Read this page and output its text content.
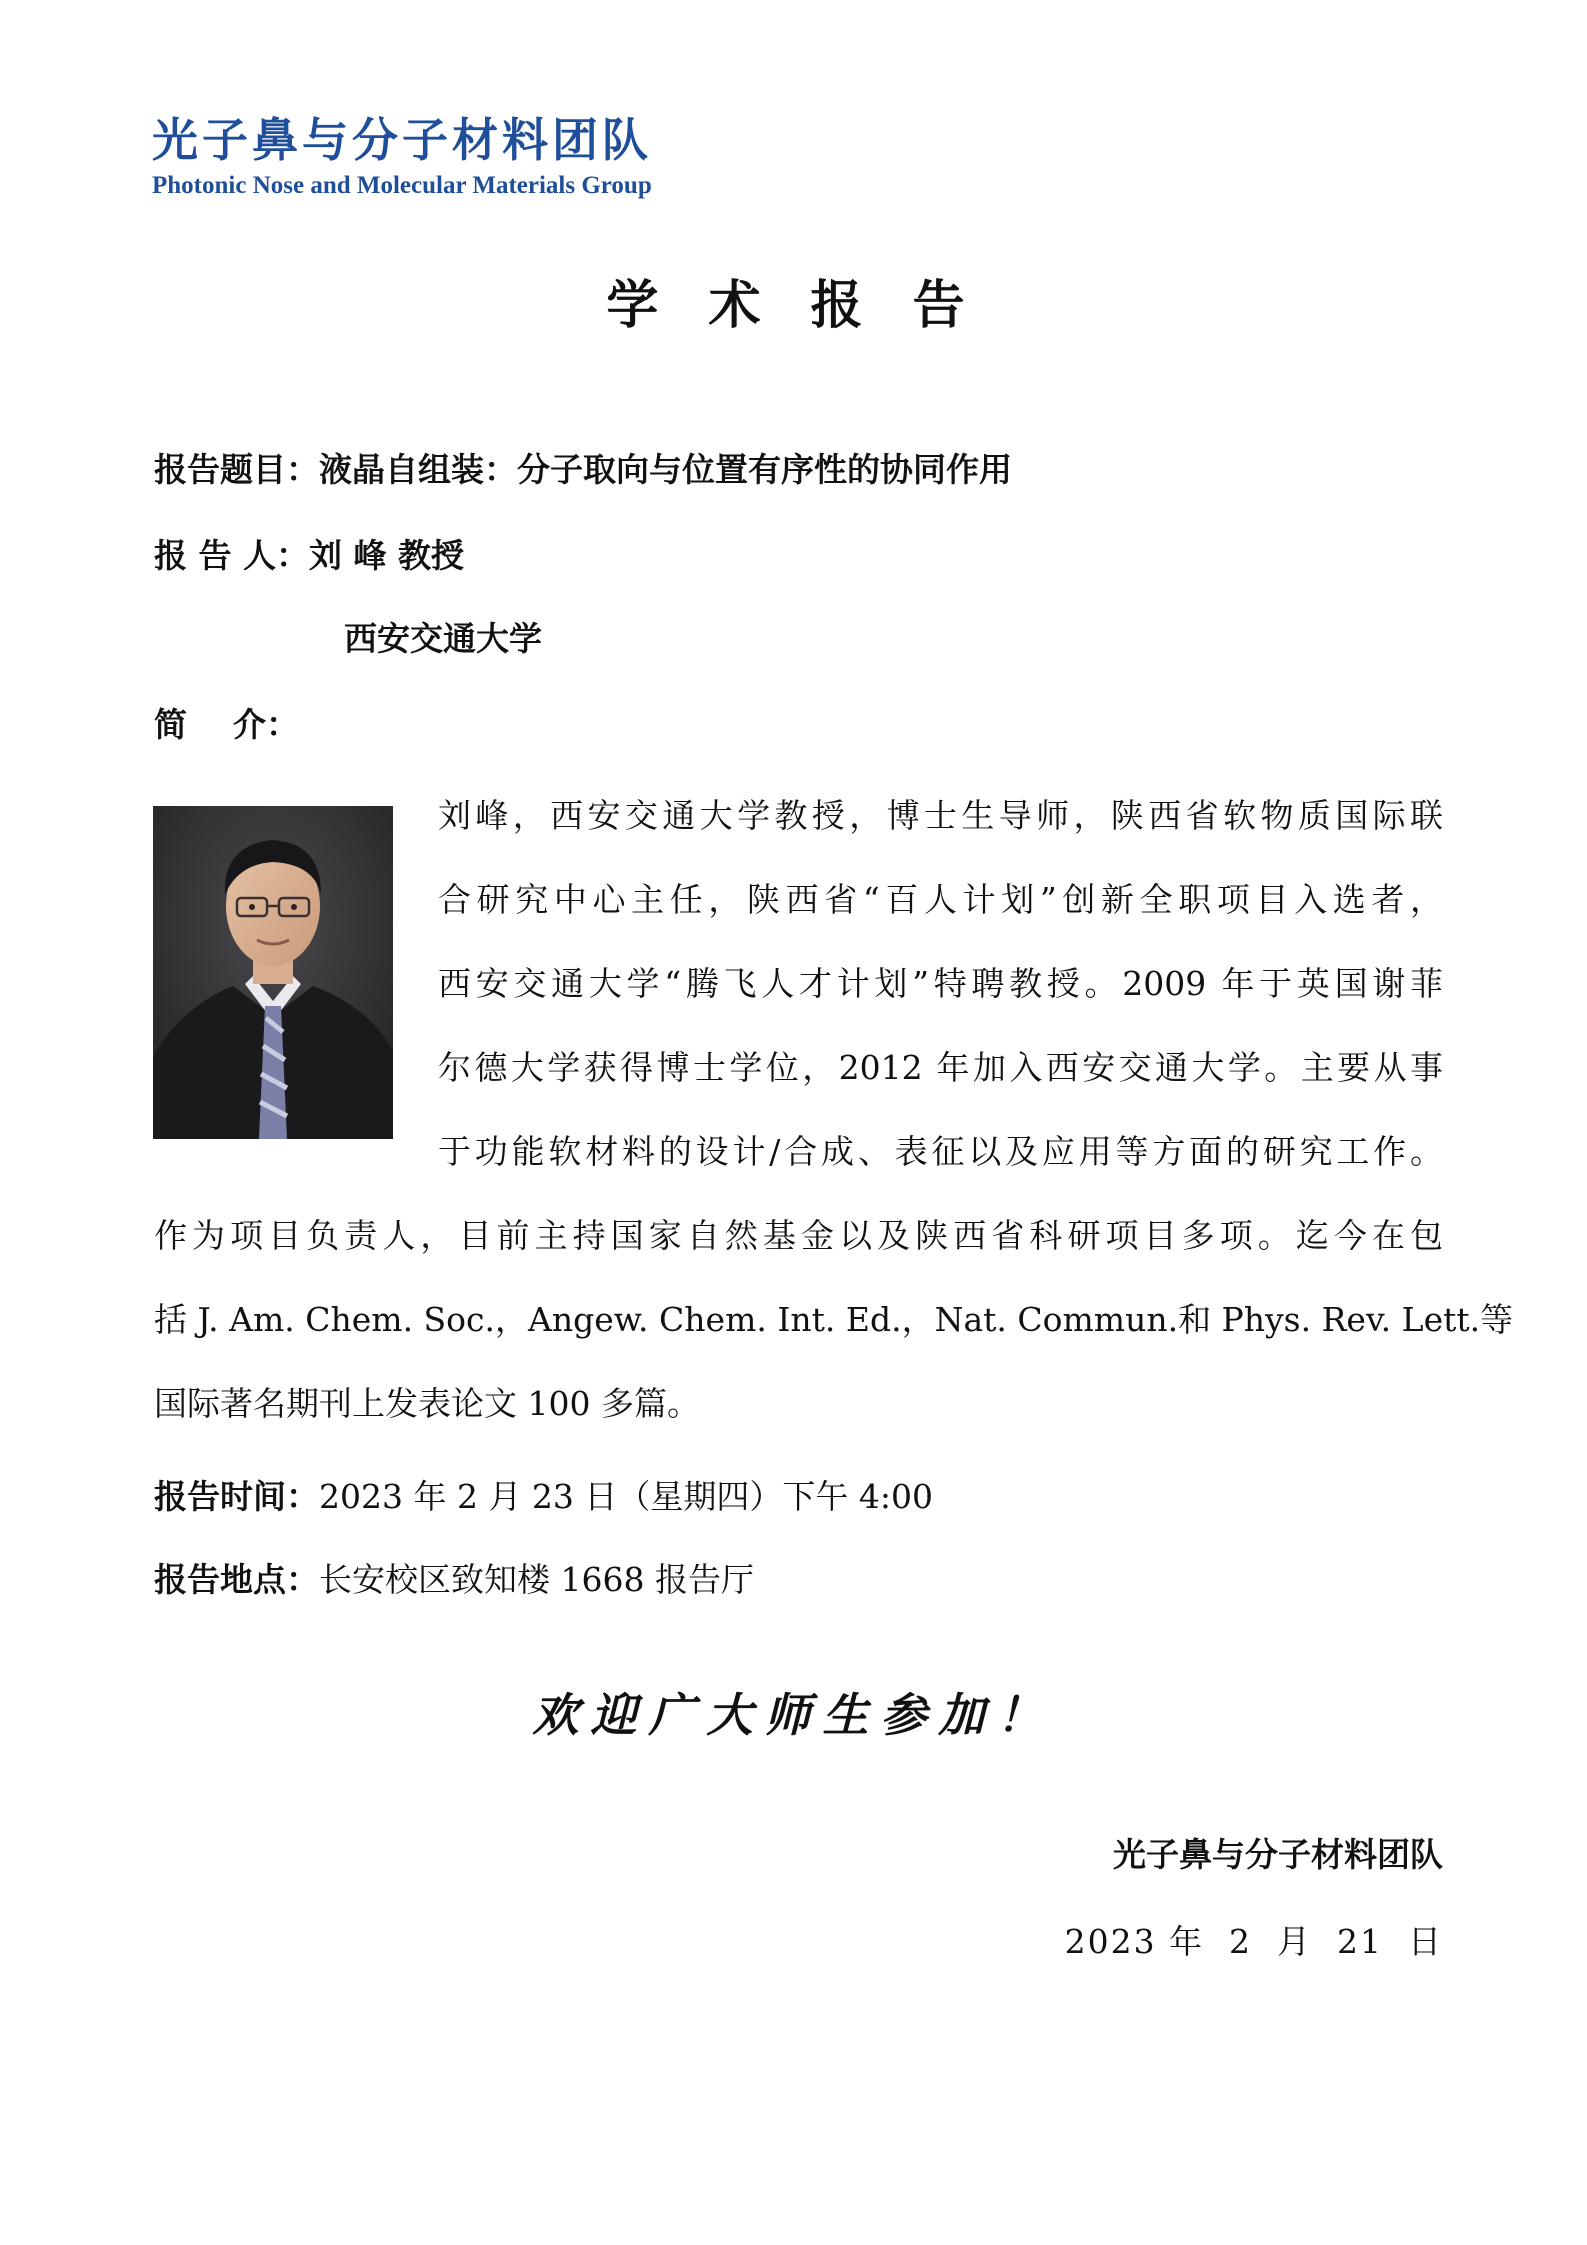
光子鼻与分子材料团队
Photonic Nose and Molecular Materials Group
学 术 报 告
报告题目：液晶自组装：分子取向与位置有序性的协同作用
报 告 人：刘 峰 教授
西安交通大学
简    介：
刘峰，西安交通大学教授，博士生导师，陕西省软物质国际联
合研究中心主任，陕西省“百人计划”创新全职项目入选者，
西安交通大学“腾飞人才计划”特聘教授。2009 年于英国谢菲
尔德大学获得博士学位，2012 年加入西安交通大学。主要从事
于功能软材料的设计/合成、表征以及应用等方面的研究工作。
作为项目负责人，目前主持国家自然基金以及陕西省科研项目多项。迄今在包
括 J. Am. Chem. Soc.，Angew. Chem. Int. Ed.，Nat. Commun.和 Phys. Rev. Lett.等
国际著名期刊上发表论文 100 多篇。
报告时间：2023 年 2 月 23 日（星期四）下午 4:00
报告地点：长安校区致知楼 1668 报告厅
欢迎广大师生参加！
光子鼻与分子材料团队
2023 年  2  月  21  日
